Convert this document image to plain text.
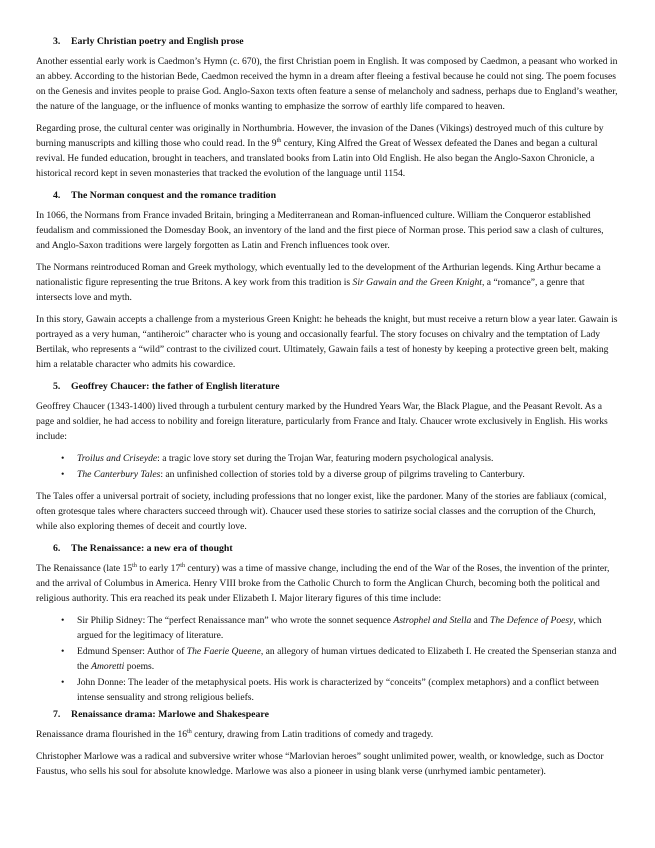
3. Early Christian poetry and English prose

Another essential early work is Caedmon’s Hymn (c. 670), the first Christian poem in English. It was composed by Caedmon, a peasant who worked in an abbey. According to the historian Bede, Caedmon received the hymn in a dream after fleeing a festival because he could not sing. The poem focuses on the Genesis and invites people to praise God. Anglo-Saxon texts often feature a sense of melancholy and sadness, perhaps due to England’s weather, the nature of the language, or the influence of monks wanting to emphasize the sorrow of earthly life compared to heaven.

Regarding prose, the cultural center was originally in Northumbria. However, the invasion of the Danes (Vikings) destroyed much of this culture by burning manuscripts and killing those who could read. In the 9th century, King Alfred the Great of Wessex defeated the Danes and began a cultural revival. He funded education, brought in teachers, and translated books from Latin into Old English. He also began the Anglo-Saxon Chronicle, a historical record kept in seven monasteries that tracked the evolution of the language until 1154.

4. The Norman conquest and the romance tradition

In 1066, the Normans from France invaded Britain, bringing a Mediterranean and Roman-influenced culture. William the Conqueror established feudalism and commissioned the Domesday Book, an inventory of the land and the first piece of Norman prose. This period saw a clash of cultures, and Anglo-Saxon traditions were largely forgotten as Latin and French influences took over.

The Normans reintroduced Roman and Greek mythology, which eventually led to the development of the Arthurian legends. King Arthur became a nationalistic figure representing the true Britons. A key work from this tradition is Sir Gawain and the Green Knight, a “romance”, a genre that intersects love and myth.

In this story, Gawain accepts a challenge from a mysterious Green Knight: he beheads the knight, but must receive a return blow a year later. Gawain is portrayed as a very human, “antiheroic” character who is young and occasionally fearful. The story focuses on chivalry and the temptation of Lady Bertilak, who represents a “wild” contrast to the civilized court. Ultimately, Gawain fails a test of honesty by keeping a protective green belt, making him a relatable character who admits his cowardice.

5. Geoffrey Chaucer: the father of English literature

Geoffrey Chaucer (1343-1400) lived through a turbulent century marked by the Hundred Years War, the Black Plague, and the Peasant Revolt. As a page and soldier, he had access to nobility and foreign literature, particularly from France and Italy. Chaucer wrote exclusively in English. His works include:

• Troilus and Criseyde: a tragic love story set during the Trojan War, featuring modern psychological analysis.
• The Canterbury Tales: an unfinished collection of stories told by a diverse group of pilgrims traveling to Canterbury.

The Tales offer a universal portrait of society, including professions that no longer exist, like the pardoner. Many of the stories are fabliaux (comical, often grotesque tales where characters succeed through wit). Chaucer used these stories to satirize social classes and the corruption of the Church, while also exploring themes of deceit and courtly love.

6. The Renaissance: a new era of thought

The Renaissance (late 15th to early 17th century) was a time of massive change, including the end of the War of the Roses, the invention of the printer, and the arrival of Columbus in America. Henry VIII broke from the Catholic Church to form the Anglican Church, becoming both the political and religious authority. This era reached its peak under Elizabeth I. Major literary figures of this time include:

• Sir Philip Sidney: The “perfect Renaissance man” who wrote the sonnet sequence Astrophel and Stella and The Defence of Poesy, which argued for the legitimacy of literature.
• Edmund Spenser: Author of The Faerie Queene, an allegory of human virtues dedicated to Elizabeth I. He created the Spenserian stanza and the Amoretti poems.
• John Donne: The leader of the metaphysical poets. His work is characterized by “conceits” (complex metaphors) and a conflict between intense sensuality and strong religious beliefs.
7. Renaissance drama: Marlowe and Shakespeare

Renaissance drama flourished in the 16th century, drawing from Latin traditions of comedy and tragedy.

Christopher Marlowe was a radical and subversive writer whose “Marlovian heroes” sought unlimited power, wealth, or knowledge, such as Doctor Faustus, who sells his soul for absolute knowledge. Marlowe was also a pioneer in using blank verse (unrhymed iambic pentameter).
